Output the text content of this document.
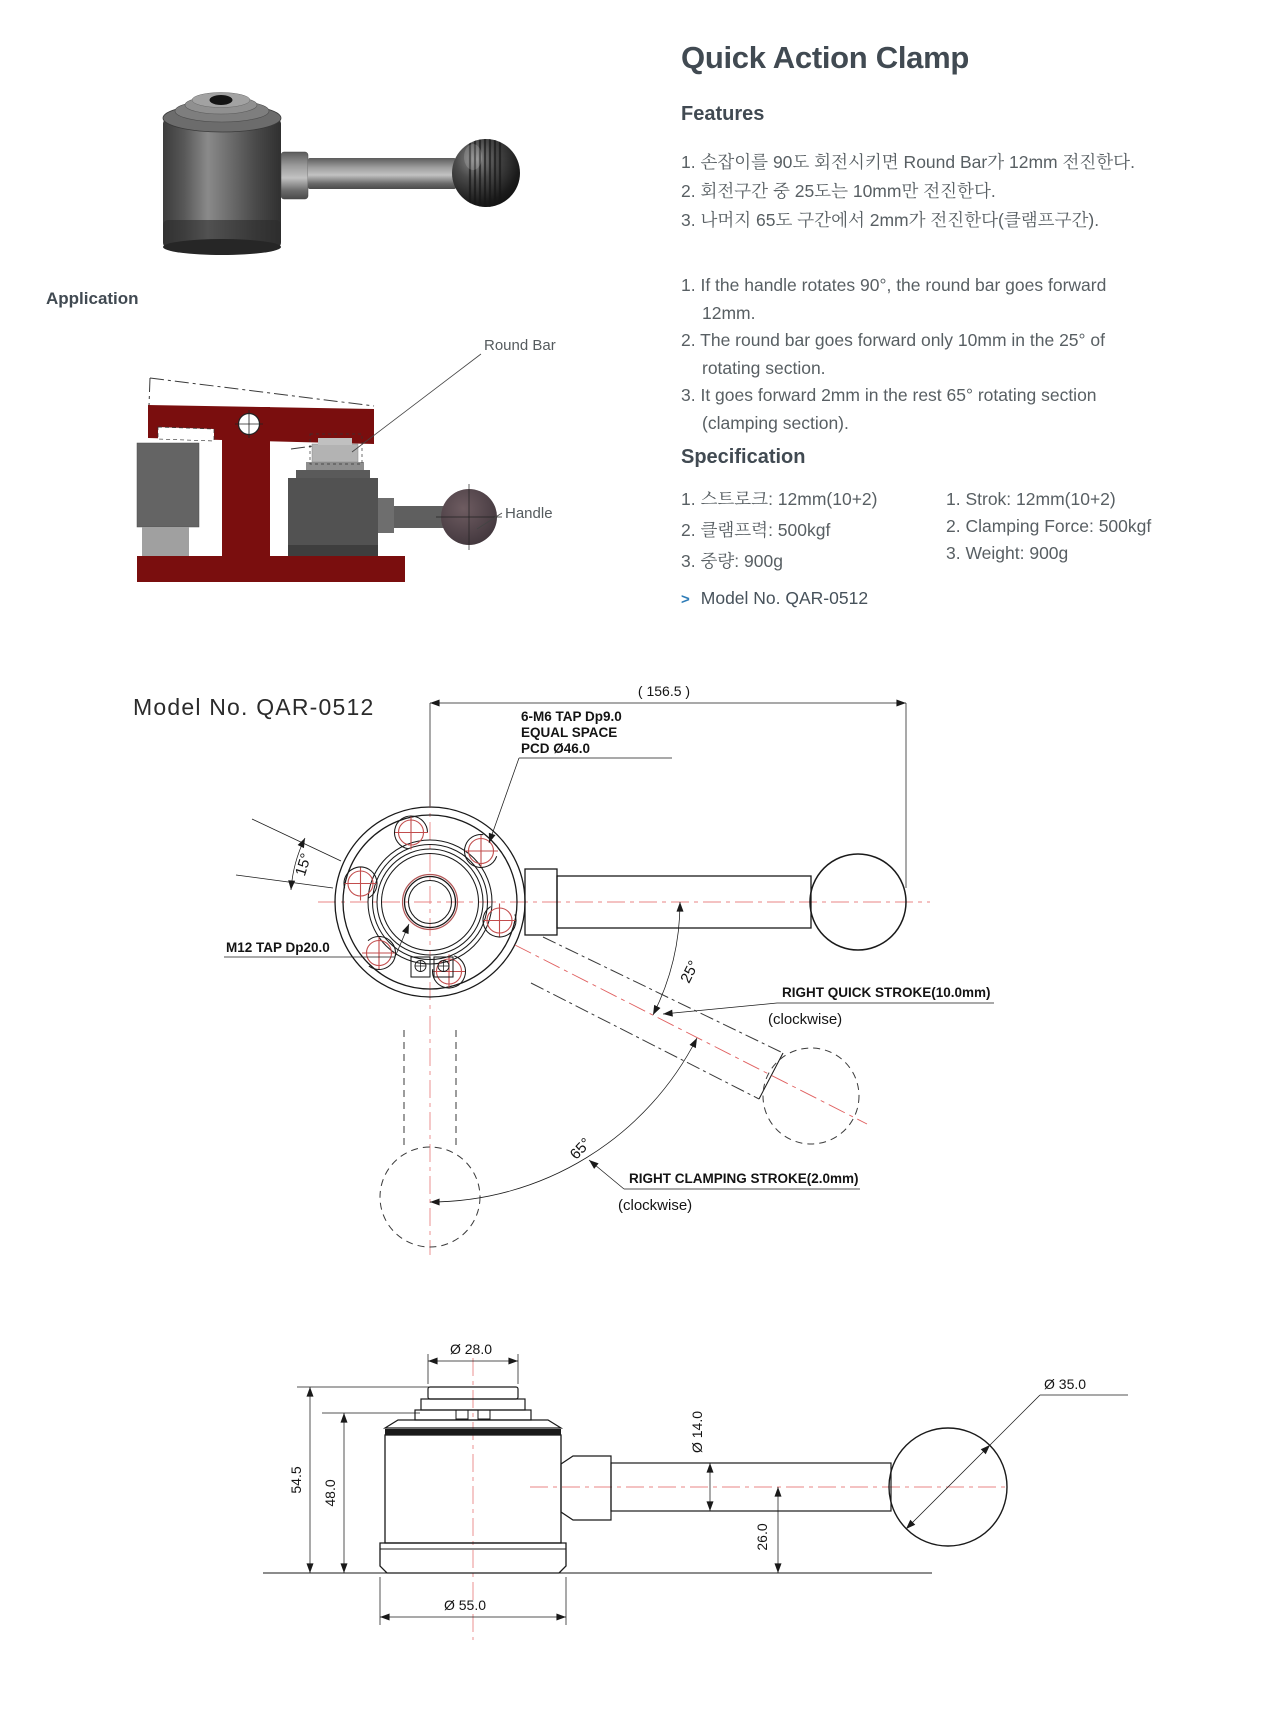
Round Bar
Handle
( 156.5 )
6-M6 TAP Dp9.0
EQUAL SPACE
PCD Ø46.0
15°
M12 TAP Dp20.0
25°
RIGHT QUICK STROKE(10.0mm)
(clockwise)
65°
RIGHT CLAMPING STROKE(2.0mm)
(clockwise)
Ø 28.0
54.5 48.0
Ø 14.0
26.0
Ø 55.0
Ø 35.0
Quick Action Clamp
Features
1. 손잡이를 90도 회전시키면 Round Bar가 12mm 전진한다.
2. 회전구간 중 25도는 10mm만 전진한다.
3. 나머지 65도 구간에서 2mm가 전진한다(클램프구간).
1. If the handle rotates 90°, the round bar goes forward 12mm.
2. The round bar goes forward only 10mm in the 25° of rotating section.
3. It goes forward 2mm in the rest 65° rotating section (clamping section).
Specification
1. 스트로크: 12mm(10+2)
2. 클램프력: 500kgf
3. 중량: 900g
1. Strok: 12mm(10+2)
2. Clamping Force: 500kgf
3. Weight: 900g
> Model No. QAR-0512
Application
Model No. QAR-0512
